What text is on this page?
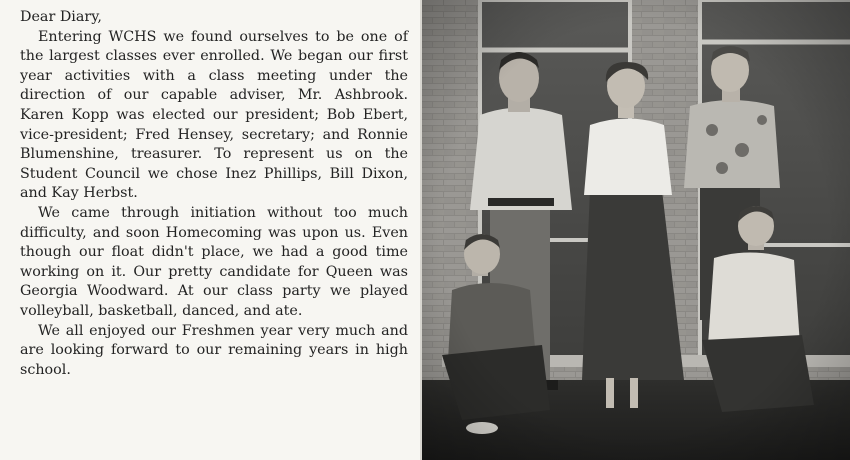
Dear Diary,

Entering WCHS we found ourselves to be one of the largest classes ever enrolled. We began our first year activities with a class meeting under the direction of our capable adviser, Mr. Ashbrook. Karen Kopp was elected our president; Bob Ebert, vice-president; Fred Hensey, secretary; and Ronnie Blumenshine, treasurer. To represent us on the Student Council we chose Inez Phillips, Bill Dixon, and Kay Herbst.

We came through initiation without too much difficulty, and soon Homecoming was upon us. Even though our float didn't place, we had a good time working on it. Our pretty candidate for Queen was Georgia Woodward. At our class party we played volleyball, basketball, danced, and ate.

We all enjoyed our Freshmen year very much and are looking forward to our remaining years in high school.
